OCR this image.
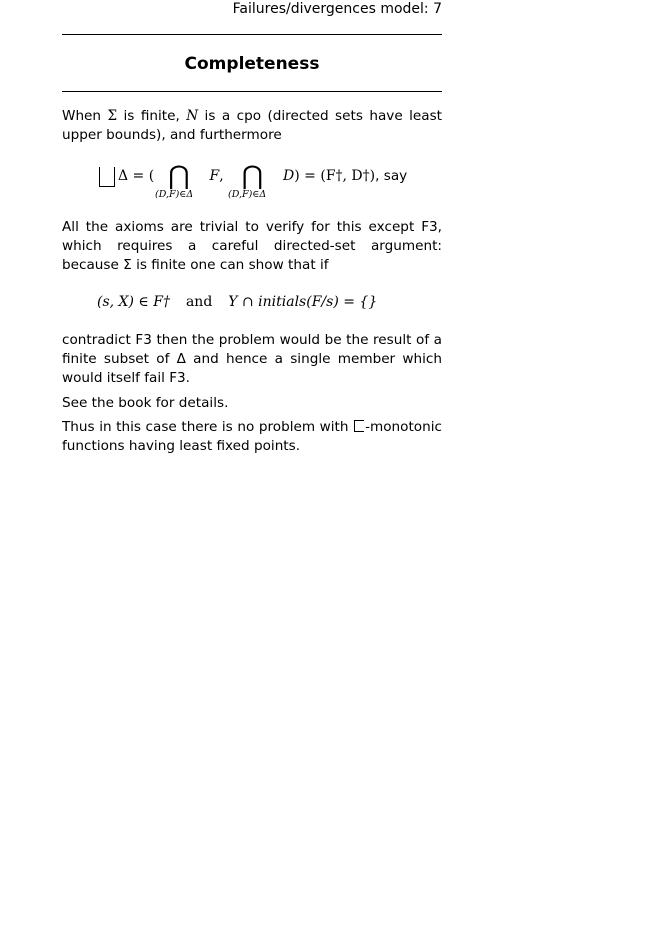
Failures/divergences model: 7
Completeness

When Σ is finite, N is a cpo (directed sets have least upper bounds), and furthermore

Δ = ( ⋂ F, ⋂ D) = (F†, D†), say
(D,F)∈Δ	(D,F)∈Δ

All the axioms are trivial to verify for this except F3, which requires a careful directed-set argument: because Σ is finite one can show that if

(s, X) ∈ F† and Y ∩ initials(F/s) = {}

contradict F3 then the problem would be the result of a finite subset of Δ and hence a single member which would itself fail F3.

See the book for details.

Thus in this case there is no problem with -monotonic functions having least fixed points.
